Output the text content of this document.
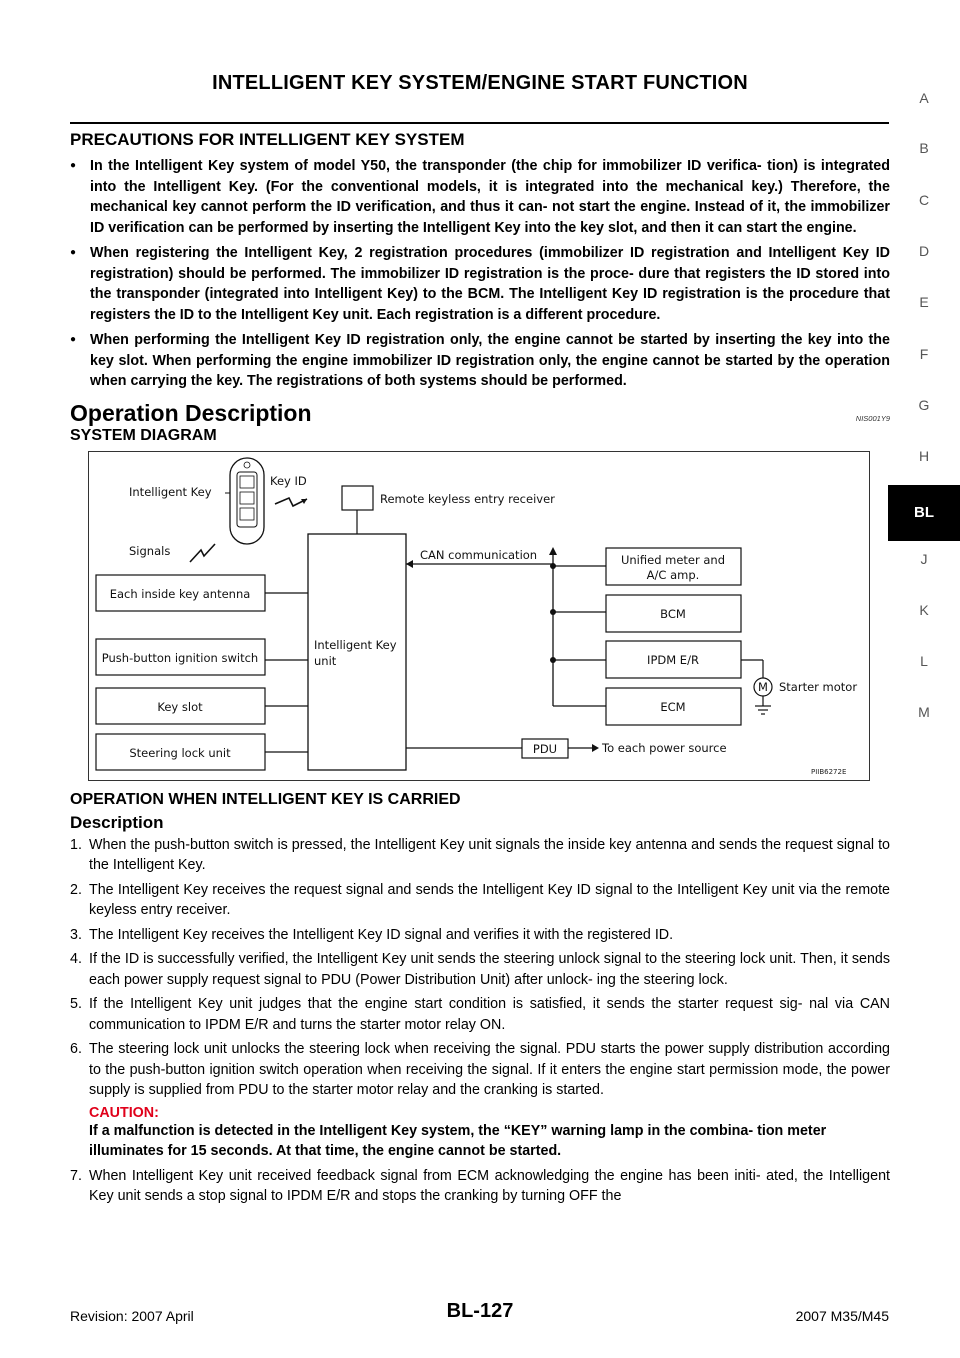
INTELLIGENT KEY SYSTEM/ENGINE START FUNCTION
A
B
C
D
E
F
G
H
BL
J
K
L
M
PRECAUTIONS FOR INTELLIGENT KEY SYSTEM
● In the Intelligent Key system of model Y50, the transponder (the chip for immobilizer ID verifica- tion) is integrated into the Intelligent Key. (For the conventional models, it is integrated into the mechanical key.) Therefore, the mechanical key cannot perform the ID verification, and thus it can- not start the engine. Instead of it, the immobilizer ID verification can be performed by inserting the Intelligent Key into the key slot, and then it can start the engine.
● When registering the Intelligent Key, 2 registration procedures (immobilizer ID registration and Intelligent Key ID registration) should be performed. The immobilizer ID registration is the proce- dure that registers the ID stored into the transponder (integrated into Intelligent Key) to the BCM. The Intelligent Key ID registration is the procedure that registers the ID to the Intelligent Key unit. Each registration is a different procedure.
● When performing the Intelligent Key ID registration only, the engine cannot be started by inserting the key into the key slot. When performing the engine immobilizer ID registration only, the engine cannot be started by the operation when carrying the key. The registrations of both systems should be performed.
Operation Description	NIS001Y9
SYSTEM DIAGRAM
Intelligent Key
Key ID
Signals
Remote keyless entry receiver
Intelligent Key
unit
Each inside key antenna
Push-button ignition switch
Key slot
Steering lock unit
CAN communication	Unified meter and
A/C amp.
BCM
IPDM E/R
ECM
M Starter motor
PDU	To each power source
PIIB6272E
OPERATION WHEN INTELLIGENT KEY IS CARRIED
Description
1. When the push-button switch is pressed, the Intelligent Key unit signals the inside key antenna and sends the request signal to the Intelligent Key.
2. The Intelligent Key receives the request signal and sends the Intelligent Key ID signal to the Intelligent Key unit via the remote keyless entry receiver.
3. The Intelligent Key receives the Intelligent Key ID signal and verifies it with the registered ID.
4. If the ID is successfully verified, the Intelligent Key unit sends the steering unlock signal to the steering lock unit. Then, it sends each power supply request signal to PDU (Power Distribution Unit) after unlock- ing the steering lock.
5. If the Intelligent Key unit judges that the engine start condition is satisfied, it sends the starter request sig- nal via CAN communication to IPDM E/R and turns the starter motor relay ON.
6. The steering lock unit unlocks the steering lock when receiving the signal. PDU starts the power supply distribution according to the push-button ignition switch operation when receiving the signal. If it enters the engine start permission mode, the power supply is supplied from PDU to the starter motor relay and the cranking is started.
CAUTION:
If a malfunction is detected in the Intelligent Key system, the “KEY” warning lamp in the combina- tion meter illuminates for 15 seconds. At that time, the engine cannot be started.
7. When Intelligent Key unit received feedback signal from ECM acknowledging the engine has been initi- ated, the Intelligent Key unit sends a stop signal to IPDM E/R and stops the cranking by turning OFF the
Revision: 2007 April	BL-127	2007 M35/M45
